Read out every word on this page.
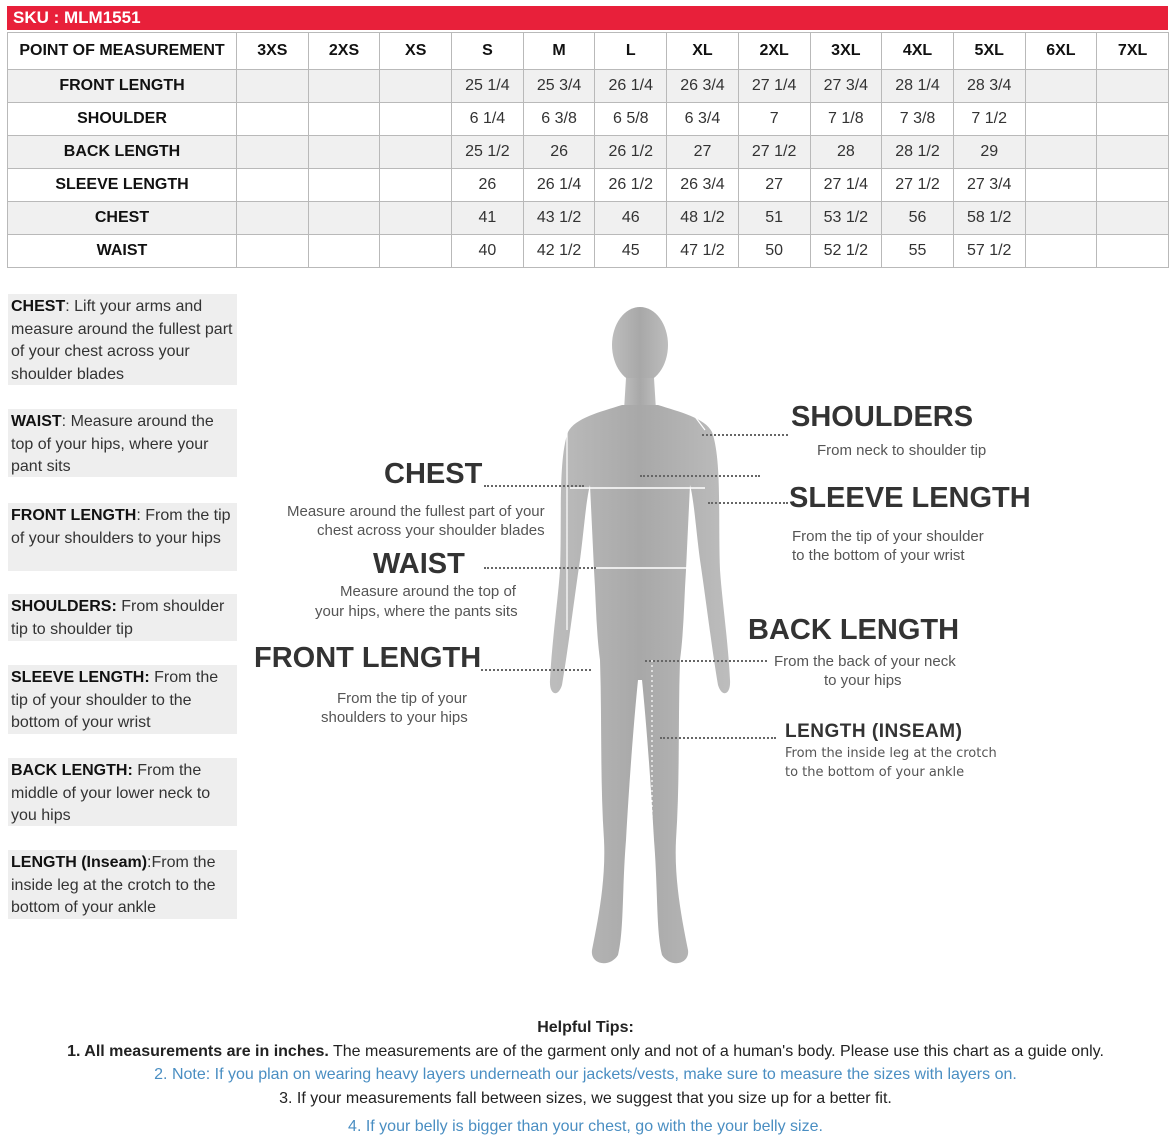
SKU : MLM1551
POINT OF MEASUREMENT	3XS	2XS	XS	S	M	L	XL	2XL	3XL	4XL	5XL	6XL	7XL
FRONT LENGTH				25 1/4	25 3/4	26 1/4	26 3/4	27 1/4	27 3/4	28 1/4	28 3/4		
SHOULDER				6 1/4	6 3/8	6 5/8	6 3/4	7	7 1/8	7 3/8	7 1/2		
BACK LENGTH				25 1/2	26	26 1/2	27	27 1/2	28	28 1/2	29		
SLEEVE LENGTH				26	26 1/4	26 1/2	26 3/4	27	27 1/4	27 1/2	27 3/4		
CHEST				41	43 1/2	46	48 1/2	51	53 1/2	56	58 1/2		
WAIST				40	42 1/2	45	47 1/2	50	52 1/2	55	57 1/2		
CHEST: Lift your arms and measure around the fullest part of your chest across your shoulder blades
WAIST: Measure around the top of your hips, where your pant sits
FRONT LENGTH: From the tip of your shoulders to your hips
SHOULDERS: From shoulder tip to shoulder tip
SLEEVE LENGTH: From the tip of your shoulder to the bottom of your wrist
BACK LENGTH: From the middle of your lower neck to you hips
LENGTH (Inseam):From the inside leg at the crotch to the bottom of your ankle
CHEST
Measure around the fullest part of your
chest across your shoulder blades
WAIST
Measure around the top of
your hips, where the pants sits
FRONT LENGTH
From the tip of your
shoulders to your hips
SHOULDERS
From neck to shoulder tip
SLEEVE LENGTH
From the tip of your shoulder
to the bottom of your wrist
BACK LENGTH
From the back of your neck
to your hips
LENGTH (INSEAM)
From the inside leg at the crotch
to the bottom of your ankle
Helpful Tips:
1. All measurements are in inches. The measurements are of the garment only and not of a human's body. Please use this chart as a guide only.
2. Note: If you plan on wearing heavy layers underneath our jackets/vests, make sure to measure the sizes with layers on.
3. If your measurements fall between sizes, we suggest that you size up for a better fit.
4. If your belly is bigger than your chest, go with the your belly size.
